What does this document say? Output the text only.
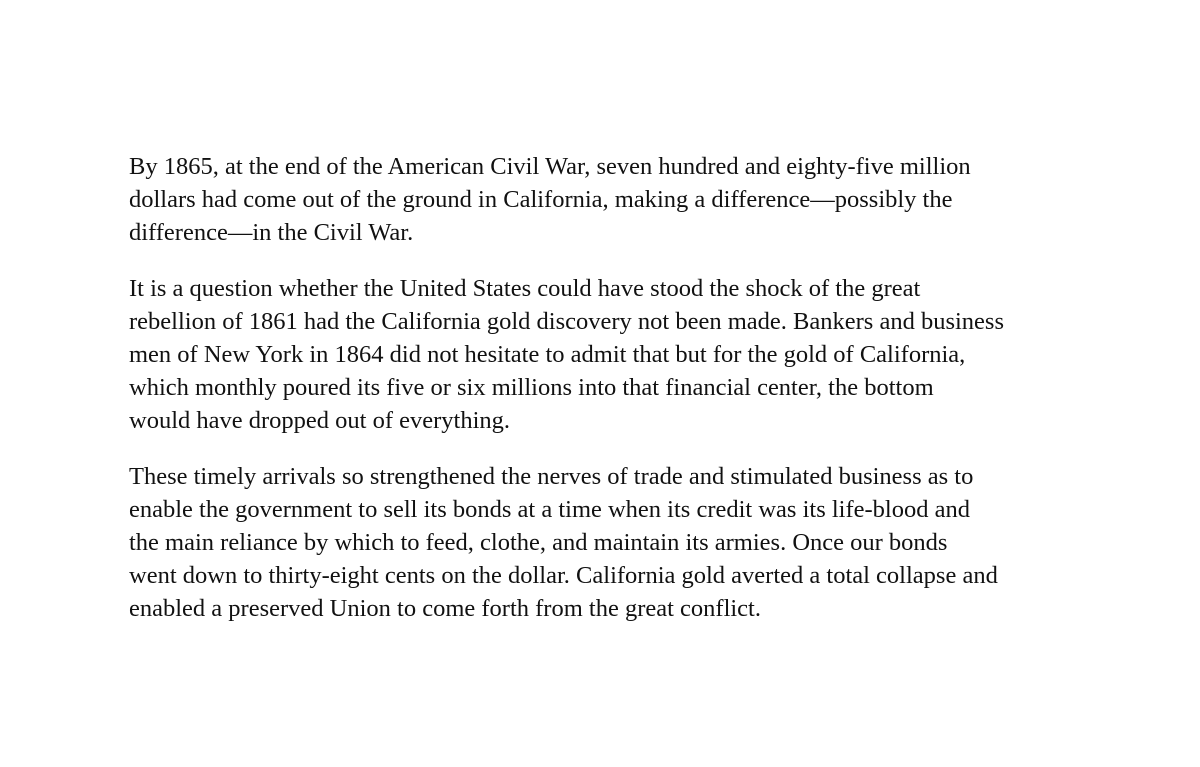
By 1865, at the end of the American Civil War, seven hundred and eighty-five million
dollars had come out of the ground in California, making a difference—possibly the
difference—in the Civil War.

It is a question whether the United States could have stood the shock of the great
rebellion of 1861 had the California gold discovery not been made. Bankers and business
men of New York in 1864 did not hesitate to admit that but for the gold of California,
which monthly poured its five or six millions into that financial center, the bottom
would have dropped out of everything.

These timely arrivals so strengthened the nerves of trade and stimulated business as to
enable the government to sell its bonds at a time when its credit was its life-blood and
the main reliance by which to feed, clothe, and maintain its armies. Once our bonds
went down to thirty-eight cents on the dollar. California gold averted a total collapse and
enabled a preserved Union to come forth from the great conflict.
